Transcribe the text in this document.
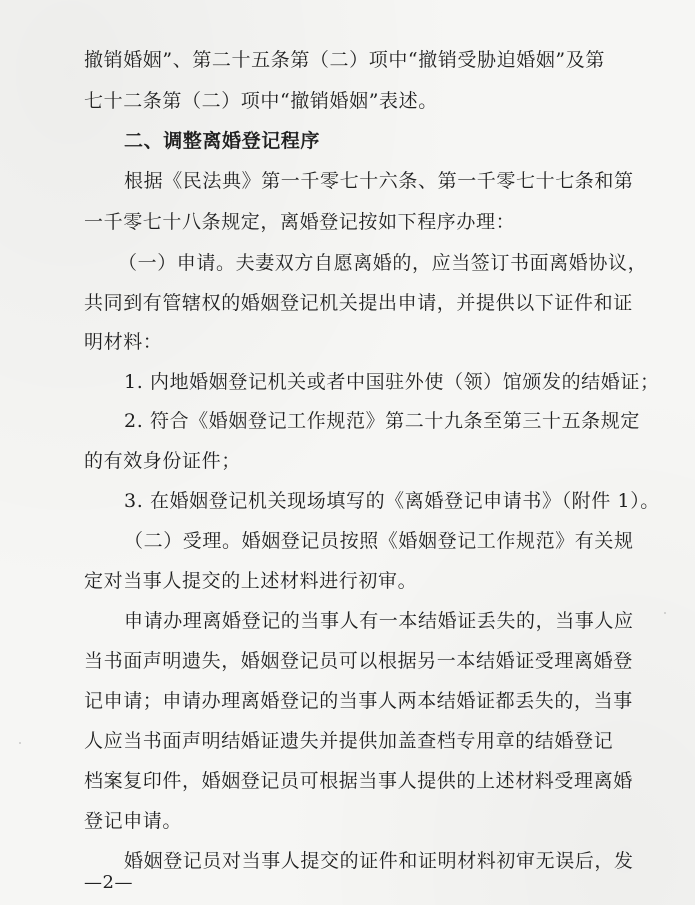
撤销婚姻”、第二十五条第（二）项中“撤销受胁迫婚姻”及第
七十二条第（二）项中“撤销婚姻”表述。
二、调整离婚登记程序
根据《民法典》第一千零七十六条、第一千零七十七条和第
一千零七十八条规定，离婚登记按如下程序办理：
（一）申请。夫妻双方自愿离婚的，应当签订书面离婚协议，
共同到有管辖权的婚姻登记机关提出申请，并提供以下证件和证
明材料：
1. 内地婚姻登记机关或者中国驻外使（领）馆颁发的结婚证；
2. 符合《婚姻登记工作规范》第二十九条至第三十五条规定
的有效身份证件；
3. 在婚姻登记机关现场填写的《离婚登记申请书》（附件 1）。
（二）受理。婚姻登记员按照《婚姻登记工作规范》有关规
定对当事人提交的上述材料进行初审。
申请办理离婚登记的当事人有一本结婚证丢失的，当事人应
当书面声明遗失，婚姻登记员可以根据另一本结婚证受理离婚登
记申请；申请办理离婚登记的当事人两本结婚证都丢失的，当事
人应当书面声明结婚证遗失并提供加盖查档专用章的结婚登记
档案复印件，婚姻登记员可根据当事人提供的上述材料受理离婚
登记申请。
婚姻登记员对当事人提交的证件和证明材料初审无误后，发
—2—
